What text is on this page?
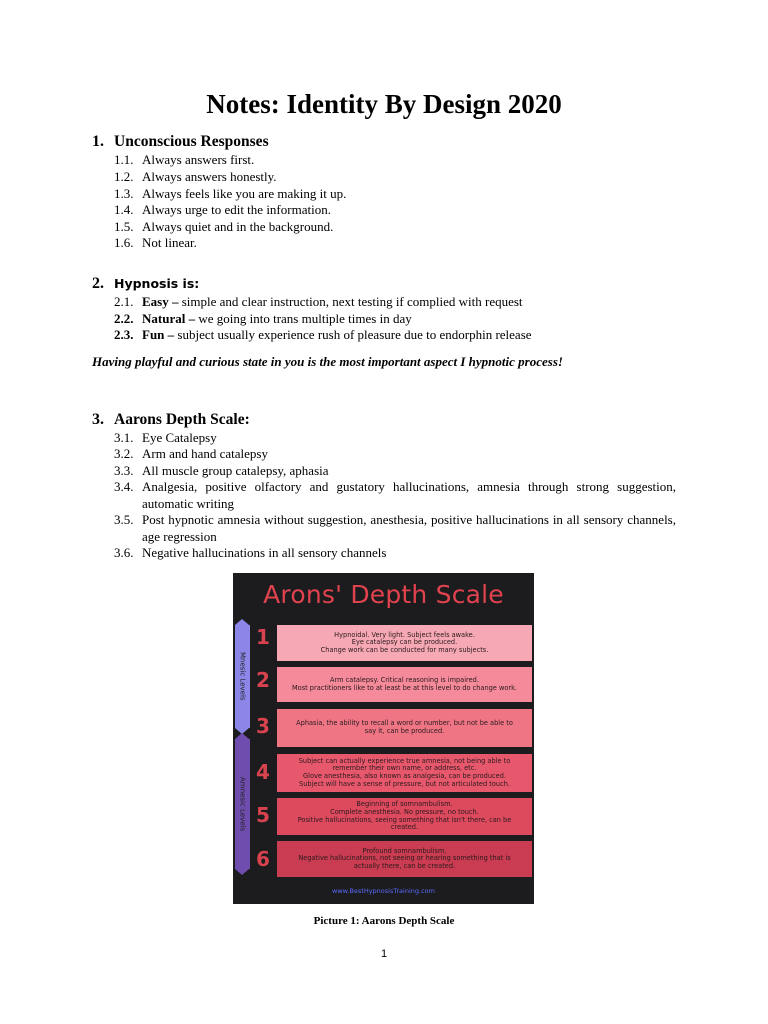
Notes: Identity By Design 2020
1. Unconscious Responses
1.1. Always answers first.
1.2. Always answers honestly.
1.3. Always feels like you are making it up.
1.4. Always urge to edit the information.
1.5. Always quiet and in the background.
1.6. Not linear.
2. Hypnosis is:
2.1. Easy – simple and clear instruction, next testing if complied with request
2.2. Natural – we going into trans multiple times in day
2.3. Fun – subject usually experience rush of pleasure due to endorphin release

Having playful and curious state in you is the most important aspect I hypnotic process!

3. Aarons Depth Scale:
3.1. Eye Catalepsy
3.2. Arm and hand catalepsy
3.3. All muscle group catalepsy, aphasia
3.4. Analgesia, positive olfactory and gustatory hallucinations, amnesia through strong suggestion, automatic writing
3.5. Post hypnotic amnesia without suggestion, anesthesia, positive hallucinations in all sensory channels, age regression
3.6. Negative hallucinations in all sensory channels
Arons' Depth Scale
Mnesic Levels
Amnesic Levels
1	Hypnoidal. Very light. Subject feels awake.
Eye catalepsy can be produced.
Change work can be conducted for many subjects.
2	Arm catalepsy. Critical reasoning is impaired.
Most practitioners like to at least be at this level to do change work.
3	Aphasia, the ability to recall a word or number, but not be able to
say it, can be produced.
4	Subject can actually experience true amnesia, not being able to
remember their own name, or address, etc.
Glove anesthesia, also known as analgesia, can be produced.
Subject will have a sense of pressure, but not articulated touch.
5	Beginning of somnambulism.
Complete anesthesia. No pressure, no touch.
Positive hallucinations, seeing something that isn't there, can be
created.
6	Profound somnambulism.
Negative hallucinations, not seeing or hearing something that is
actually there, can be created.
www.BestHypnosisTraining.com
Picture 1: Aarons Depth Scale
1
